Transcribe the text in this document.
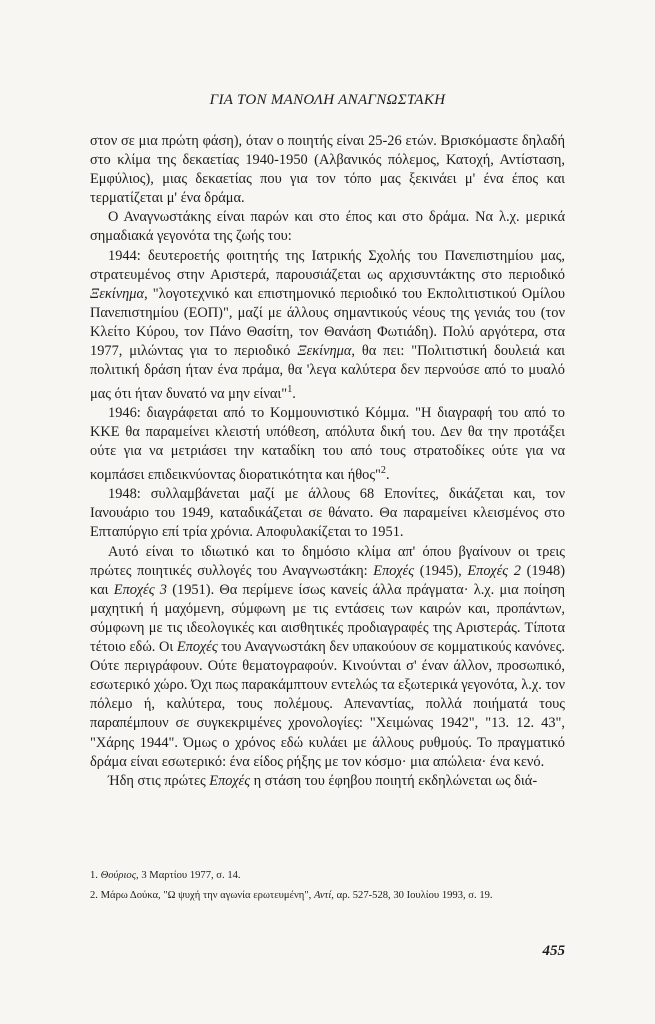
ΓΙΑ ΤΟΝ ΜΑΝΟΛΗ ΑΝΑΓΝΩΣΤΑΚΗ

στον σε μια πρώτη φάση), όταν ο ποιητής είναι 25-26 ετών. Βρισκόμαστε δηλαδή στο κλίμα της δεκαετίας 1940-1950 (Αλβανικός πόλεμος, Κατοχή, Αντίσταση, Εμφύλιος), μιας δεκαετίας που για τον τόπο μας ξεκινάει μ' ένα έπος και τερματίζεται μ' ένα δράμα.

Ο Αναγνωστάκης είναι παρών και στο έπος και στο δράμα. Να λ.χ. μερικά σημαδιακά γεγονότα της ζωής του:

1944: δευτεροετής φοιτητής της Ιατρικής Σχολής του Πανεπιστημίου μας, στρατευμένος στην Αριστερά, παρουσιάζεται ως αρχισυντάκτης στο περιοδικό Ξεκίνημα, "λογοτεχνικό και επιστημονικό περιοδικό του Εκπολιτιστικού Ομίλου Πανεπιστημίου (ΕΟΠ)", μαζί με άλλους σημαντικούς νέους της γενιάς του (τον Κλείτο Κύρου, τον Πάνο Θασίτη, τον Θανάση Φωτιάδη). Πολύ αργότερα, στα 1977, μιλώντας για το περιοδικό Ξεκίνημα, θα πει: "Πολιτιστική δουλειά και πολιτική δράση ήταν ένα πράμα, θα 'λεγα καλύτερα δεν περνούσε από το μυαλό μας ότι ήταν δυνατό να μην είναι"$^1$.

1946: διαγράφεται από το Κομμουνιστικό Κόμμα. "Η διαγραφή του από το ΚΚΕ θα παραμείνει κλειστή υπόθεση, απόλυτα δική του. Δεν θα την προτάξει ούτε για να μετριάσει την καταδίκη του από τους στρατοδίκες ούτε για να κομπάσει επιδεικνύοντας διορατικότητα και ήθος"$^2$.

1948: συλλαμβάνεται μαζί με άλλους 68 Επονίτες, δικάζεται και, τον Ιανουάριο του 1949, καταδικάζεται σε θάνατο. Θα παραμείνει κλεισμένος στο Επταπύργιο επί τρία χρόνια. Αποφυλακίζεται το 1951.

Αυτό είναι το ιδιωτικό και το δημόσιο κλίμα απ' όπου βγαίνουν οι τρεις πρώτες ποιητικές συλλογές του Αναγνωστάκη: Εποχές (1945), Εποχές 2 (1948) και Εποχές 3 (1951). Θα περίμενε ίσως κανείς άλλα πράγματα· λ.χ. μια ποίηση μαχητική ή μαχόμενη, σύμφωνη με τις εντάσεις των καιρών και, προπάντων, σύμφωνη με τις ιδεολογικές και αισθητικές προδιαγραφές της Αριστεράς. Τίποτα τέτοιο εδώ. Οι Εποχές του Αναγνωστάκη δεν υπακούουν σε κομματικούς κανόνες. Ούτε περιγράφουν. Ούτε θεματογραφούν. Κινούνται σ' έναν άλλον, προσωπικό, εσωτερικό χώρο. Όχι πως παρακάμπτουν εντελώς τα εξωτερικά γεγονότα, λ.χ. τον πόλεμο ή, καλύτερα, τους πολέμους. Απεναντίας, πολλά ποιήματά τους παραπέμπουν σε συγκεκριμένες χρονολογίες: "Χειμώνας 1942", "13. 12. 43", "Χάρης 1944". Όμως ο χρόνος εδώ κυλάει με άλλους ρυθμούς. Το πραγματικό δράμα είναι εσωτερικό: ένα είδος ρήξης με τον κόσμο· μια απώλεια· ένα κενό.

Ήδη στις πρώτες Εποχές η στάση του έφηβου ποιητή εκδηλώνεται ως διά-

1. Θούριος, 3 Μαρτίου 1977, σ. 14.

2. Μάρω Δούκα, "Ω ψυχή την αγωνία ερωτευμένη", Αντί, αρ. 527-528, 30 Ιουλίου 1993, σ. 19.

455
